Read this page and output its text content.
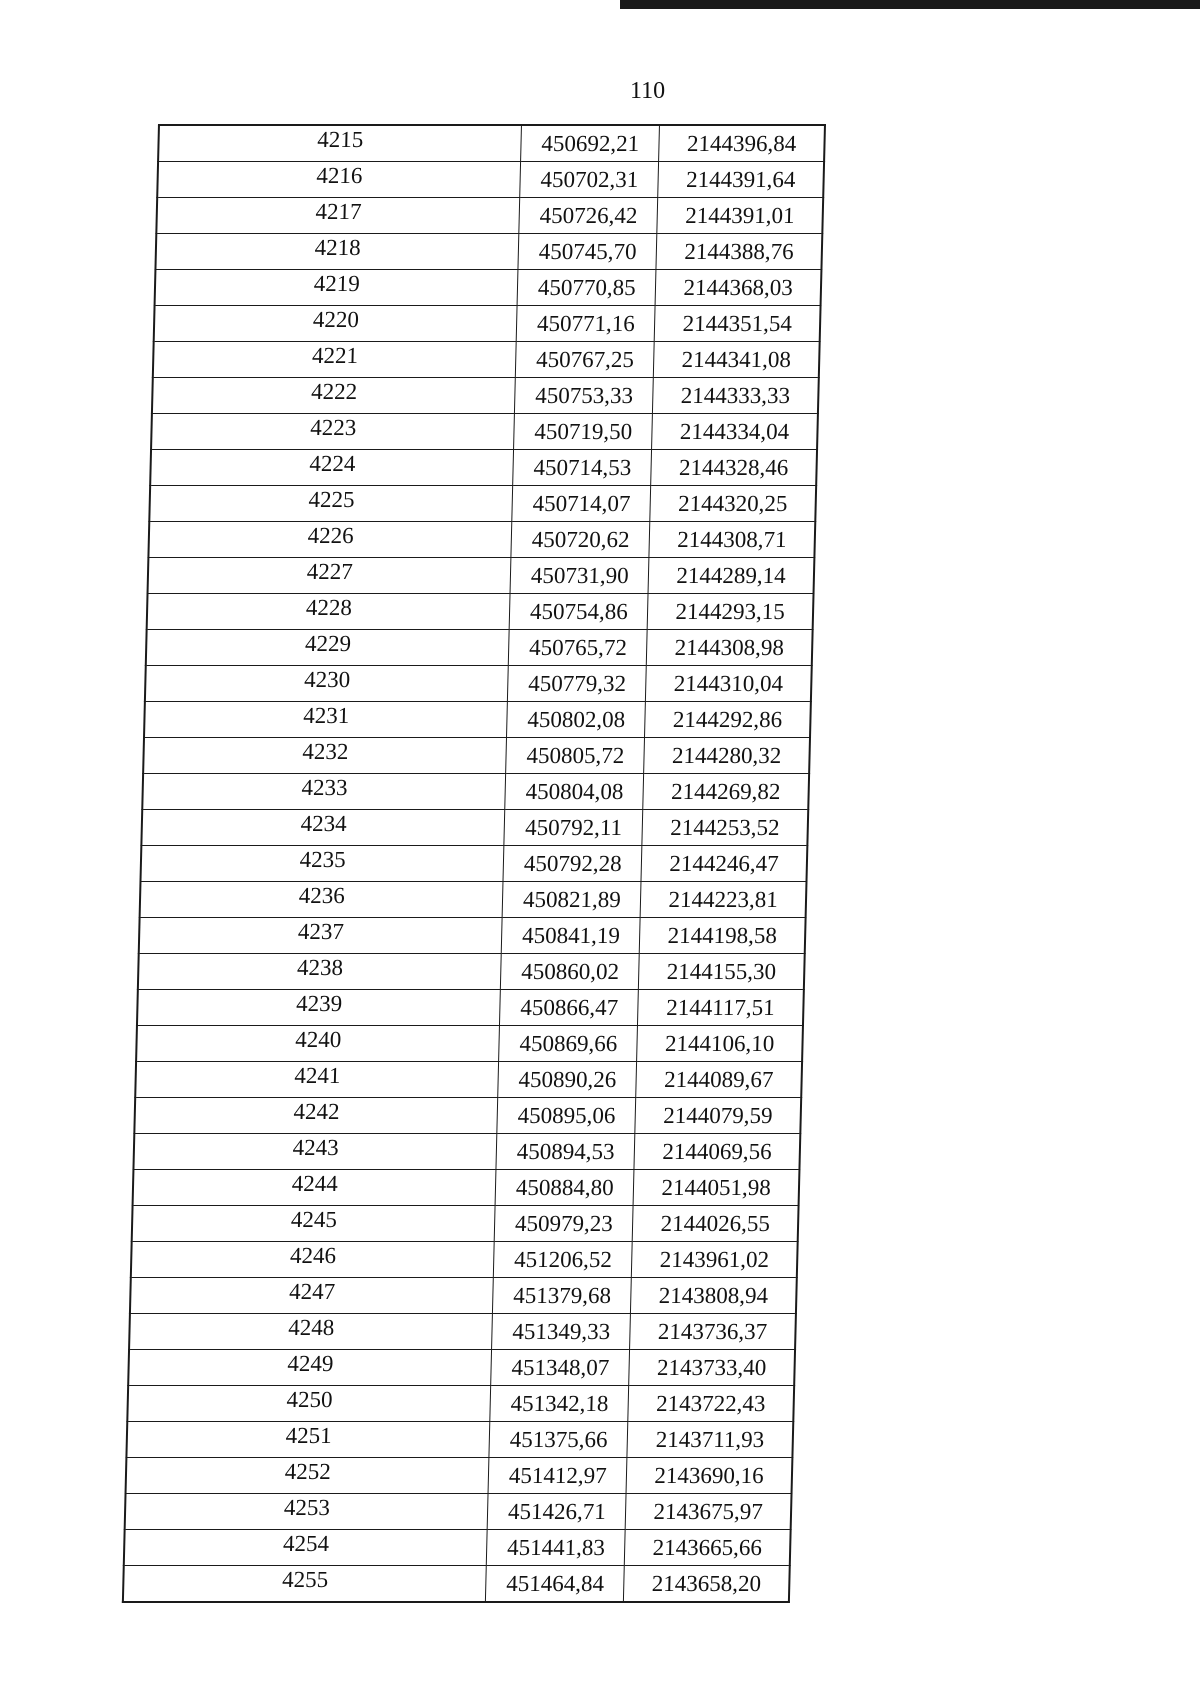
110
4215	450692,21	2144396,84
4216	450702,31	2144391,64
4217	450726,42	2144391,01
4218	450745,70	2144388,76
4219	450770,85	2144368,03
4220	450771,16	2144351,54
4221	450767,25	2144341,08
4222	450753,33	2144333,33
4223	450719,50	2144334,04
4224	450714,53	2144328,46
4225	450714,07	2144320,25
4226	450720,62	2144308,71
4227	450731,90	2144289,14
4228	450754,86	2144293,15
4229	450765,72	2144308,98
4230	450779,32	2144310,04
4231	450802,08	2144292,86
4232	450805,72	2144280,32
4233	450804,08	2144269,82
4234	450792,11	2144253,52
4235	450792,28	2144246,47
4236	450821,89	2144223,81
4237	450841,19	2144198,58
4238	450860,02	2144155,30
4239	450866,47	2144117,51
4240	450869,66	2144106,10
4241	450890,26	2144089,67
4242	450895,06	2144079,59
4243	450894,53	2144069,56
4244	450884,80	2144051,98
4245	450979,23	2144026,55
4246	451206,52	2143961,02
4247	451379,68	2143808,94
4248	451349,33	2143736,37
4249	451348,07	2143733,40
4250	451342,18	2143722,43
4251	451375,66	2143711,93
4252	451412,97	2143690,16
4253	451426,71	2143675,97
4254	451441,83	2143665,66
4255	451464,84	2143658,20
